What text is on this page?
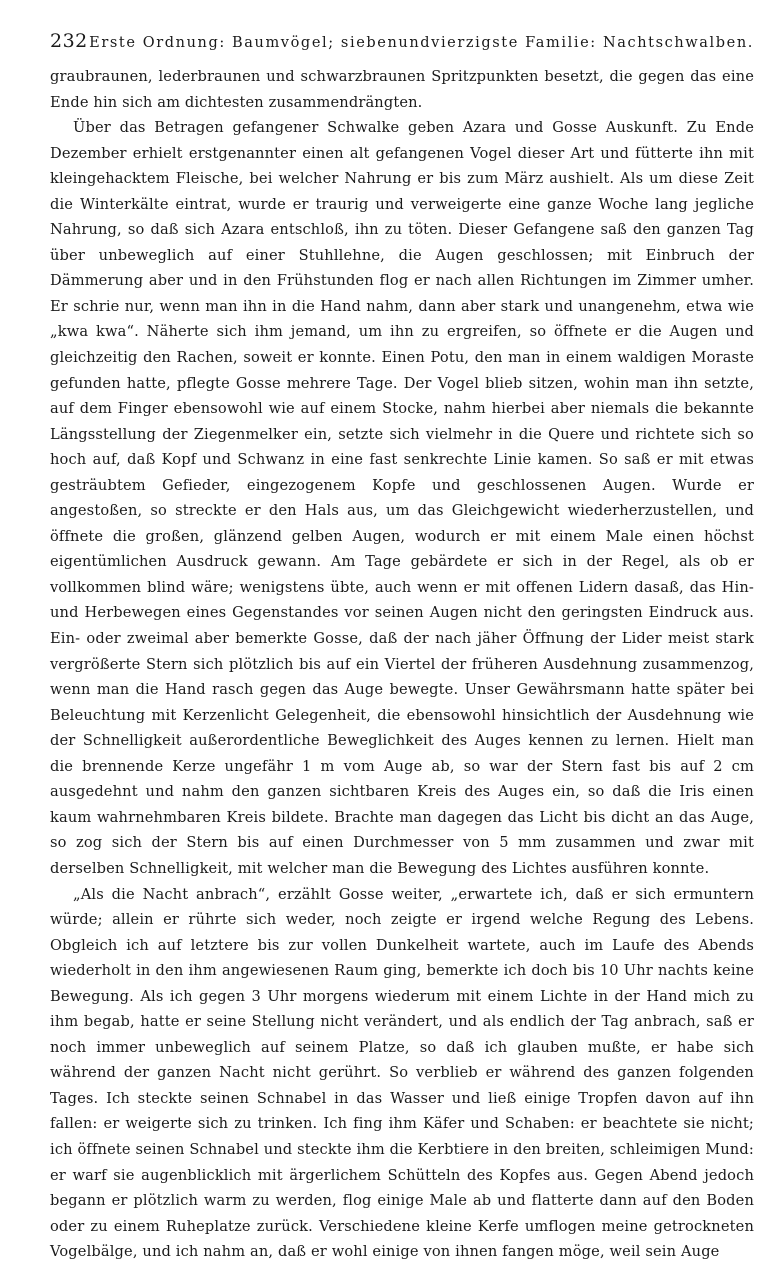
232 Erste Ordnung: Baumvögel; siebenundvierzigste Familie: Nachtschwalben.

graubraunen, lederbraunen und schwarzbraunen Spritzpunkten besetzt, die gegen das eine Ende hin sich am dichtesten zusammendrängten.

Über das Betragen gefangener Schwalke geben Azara und Gosse Auskunft. Zu Ende Dezember erhielt erstgenannter einen alt gefangenen Vogel dieser Art und fütterte ihn mit kleingehacktem Fleische, bei welcher Nahrung er bis zum März aushielt. Als um diese Zeit die Winterkälte eintrat, wurde er traurig und verweigerte eine ganze Woche lang jegliche Nahrung, so daß sich Azara entschloß, ihn zu töten. Dieser Gefangene saß den ganzen Tag über unbeweglich auf einer Stuhllehne, die Augen geschlossen; mit Einbruch der Dämmerung aber und in den Frühstunden flog er nach allen Richtungen im Zimmer umher. Er schrie nur, wenn man ihn in die Hand nahm, dann aber stark und unangenehm, etwa wie „kwa kwa“. Näherte sich ihm jemand, um ihn zu ergreifen, so öffnete er die Augen und gleichzeitig den Rachen, soweit er konnte. Einen Potu, den man in einem waldigen Moraste gefunden hatte, pflegte Gosse mehrere Tage. Der Vogel blieb sitzen, wohin man ihn setzte, auf dem Finger ebensowohl wie auf einem Stocke, nahm hierbei aber niemals die bekannte Längsstellung der Ziegenmelker ein, setzte sich vielmehr in die Quere und richtete sich so hoch auf, daß Kopf und Schwanz in eine fast senkrechte Linie kamen. So saß er mit etwas gesträubtem Gefieder, eingezogenem Kopfe und geschlossenen Augen. Wurde er angestoßen, so streckte er den Hals aus, um das Gleichgewicht wiederherzustellen, und öffnete die großen, glänzend gelben Augen, wodurch er mit einem Male einen höchst eigentümlichen Ausdruck gewann. Am Tage gebärdete er sich in der Regel, als ob er vollkommen blind wäre; wenigstens übte, auch wenn er mit offenen Lidern dasaß, das Hin- und Herbewegen eines Gegenstandes vor seinen Augen nicht den geringsten Eindruck aus. Ein- oder zweimal aber bemerkte Gosse, daß der nach jäher Öffnung der Lider meist stark vergrößerte Stern sich plötzlich bis auf ein Viertel der früheren Ausdehnung zusammenzog, wenn man die Hand rasch gegen das Auge bewegte. Unser Gewährsmann hatte später bei Beleuchtung mit Kerzenlicht Gelegenheit, die ebensowohl hinsichtlich der Ausdehnung wie der Schnelligkeit außerordentliche Beweglichkeit des Auges kennen zu lernen. Hielt man die brennende Kerze ungefähr 1 m vom Auge ab, so war der Stern fast bis auf 2 cm ausgedehnt und nahm den ganzen sichtbaren Kreis des Auges ein, so daß die Iris einen kaum wahrnehmbaren Kreis bildete. Brachte man dagegen das Licht bis dicht an das Auge, so zog sich der Stern bis auf einen Durchmesser von 5 mm zusammen und zwar mit derselben Schnelligkeit, mit welcher man die Bewegung des Lichtes ausführen konnte.

„Als die Nacht anbrach“, erzählt Gosse weiter, „erwartete ich, daß er sich ermuntern würde; allein er rührte sich weder, noch zeigte er irgend welche Regung des Lebens. Obgleich ich auf letztere bis zur vollen Dunkelheit wartete, auch im Laufe des Abends wiederholt in den ihm angewiesenen Raum ging, bemerkte ich doch bis 10 Uhr nachts keine Bewegung. Als ich gegen 3 Uhr morgens wiederum mit einem Lichte in der Hand mich zu ihm begab, hatte er seine Stellung nicht verändert, und als endlich der Tag anbrach, saß er noch immer unbeweglich auf seinem Platze, so daß ich glauben mußte, er habe sich während der ganzen Nacht nicht gerührt. So verblieb er während des ganzen folgenden Tages. Ich steckte seinen Schnabel in das Wasser und ließ einige Tropfen davon auf ihn fallen: er weigerte sich zu trinken. Ich fing ihm Käfer und Schaben: er beachtete sie nicht; ich öffnete seinen Schnabel und steckte ihm die Kerbtiere in den breiten, schleimigen Mund: er warf sie augenblicklich mit ärgerlichem Schütteln des Kopfes aus. Gegen Abend jedoch begann er plötzlich warm zu werden, flog einige Male ab und flatterte dann auf den Boden oder zu einem Ruheplatze zurück. Verschiedene kleine Kerfe umflogen meine getrockneten Vogelbälge, und ich nahm an, daß er wohl einige von ihnen fangen möge, weil sein Auge
